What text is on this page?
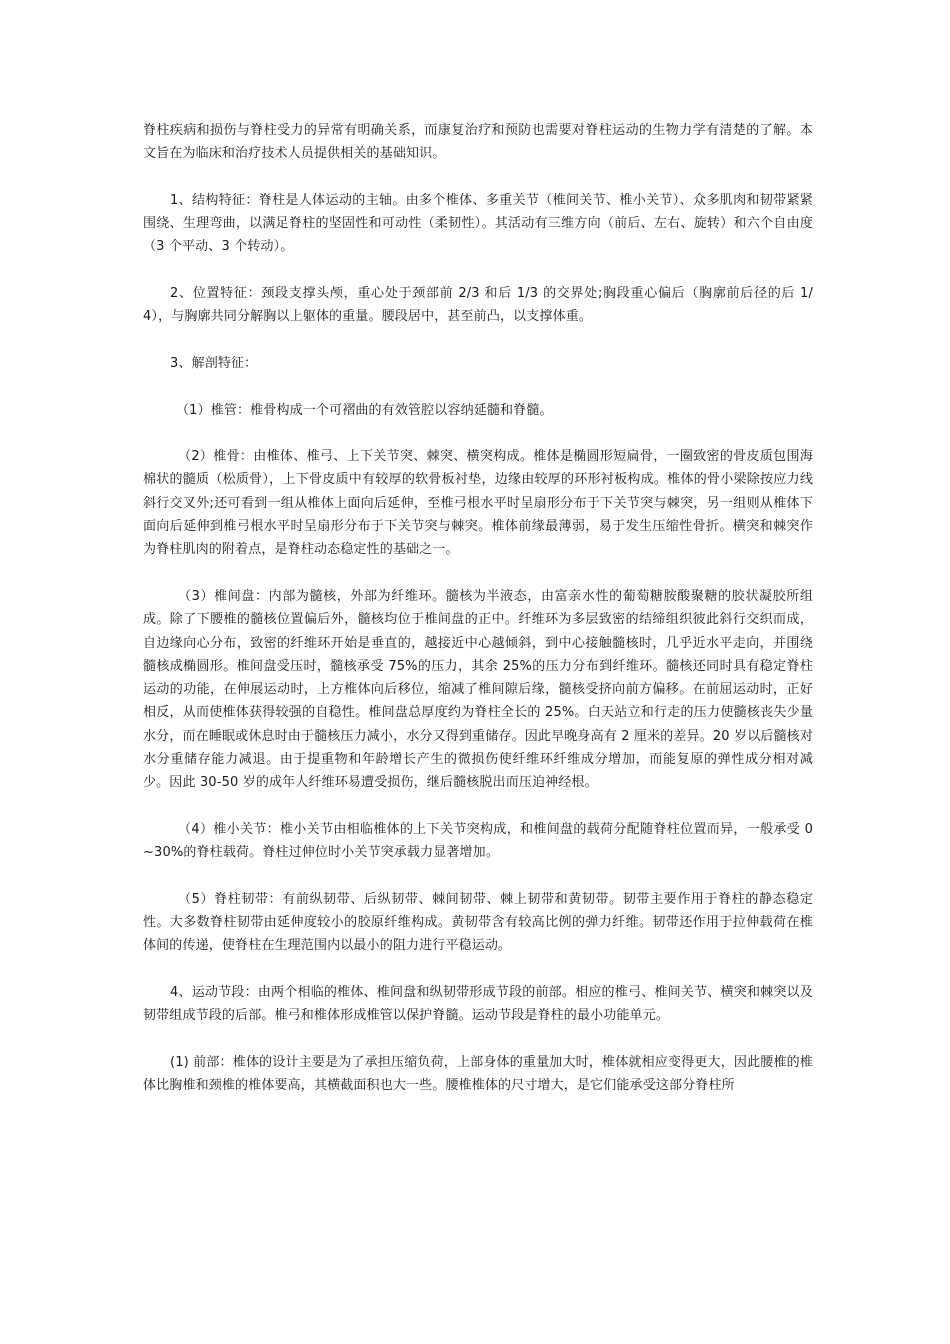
脊柱疾病和损伤与脊柱受力的异常有明确关系，而康复治疗和预防也需要对脊柱运动的生物力学有清楚的了解。本文旨在为临床和治疗技术人员提供相关的基础知识。

1、结构特征：脊柱是人体运动的主轴。由多个椎体、多重关节（椎间关节、椎小关节）、众多肌肉和韧带紧紧围绕、生理弯曲，以满足脊柱的坚固性和可动性（柔韧性）。其活动有三维方向（前后、左右、旋转）和六个自由度（3 个平动、3 个转动）。

2、位置特征：颈段支撑头颅，重心处于颈部前 2/3 和后 1/3 的交界处;胸段重心偏后（胸廓前后径的后 1/4），与胸廓共同分解胸以上躯体的重量。腰段居中，甚至前凸，以支撑体重。

3、解剖特征：

（1）椎管：椎骨构成一个可褶曲的有效管腔以容纳延髓和脊髓。

（2）椎骨：由椎体、椎弓、上下关节突、棘突、横突构成。椎体是椭圆形短扁骨，一圈致密的骨皮质包围海棉状的髓质（松质骨），上下骨皮质中有较厚的软骨板衬垫，边缘由较厚的环形衬板构成。椎体的骨小梁除按应力线斜行交叉外;还可看到一组从椎体上面向后延伸，至椎弓根水平时呈扇形分布于下关节突与棘突，另一组则从椎体下面向后延伸到椎弓根水平时呈扇形分布于下关节突与棘突。椎体前缘最薄弱，易于发生压缩性骨折。横突和棘突作为脊柱肌肉的附着点，是脊柱动态稳定性的基础之一。

（3）椎间盘：内部为髓核，外部为纤维环。髓核为半液态，由富亲水性的葡萄糖胺酸聚糖的胶状凝胶所组成。除了下腰椎的髓核位置偏后外，髓核均位于椎间盘的正中。纤维环为多层致密的结缔组织彼此斜行交织而成，自边缘向心分布，致密的纤维环开始是垂直的，越接近中心越倾斜，到中心接触髓核时，几乎近水平走向，并围绕髓核成椭圆形。椎间盘受压时，髓核承受 75%的压力，其余 25%的压力分布到纤维环。髓核还同时具有稳定脊柱运动的功能，在伸展运动时，上方椎体向后移位，缩减了椎间隙后缘，髓核受挤向前方偏移。在前屈运动时，正好相反，从而使椎体获得较强的自稳性。椎间盘总厚度约为脊柱全长的 25%。白天站立和行走的压力使髓核丧失少量水分，而在睡眠或休息时由于髓核压力减小，水分又得到重储存。因此早晚身高有 2 厘米的差异。20 岁以后髓核对水分重储存能力减退。由于提重物和年龄增长产生的微损伤使纤维环纤维成分增加，而能复原的弹性成分相对减少。因此 30-50 岁的成年人纤维环易遭受损伤，继后髓核脱出而压迫神经根。

（4）椎小关节：椎小关节由相临椎体的上下关节突构成，和椎间盘的载荷分配随脊柱位置而异，一般承受 0~30%的脊柱载荷。脊柱过伸位时小关节突承载力显著增加。

（5）脊柱韧带：有前纵韧带、后纵韧带、棘间韧带、棘上韧带和黄韧带。韧带主要作用于脊柱的静态稳定性。大多数脊柱韧带由延伸度较小的胶原纤维构成。黄韧带含有较高比例的弹力纤维。韧带还作用于拉伸载荷在椎体间的传递，使脊柱在生理范围内以最小的阻力进行平稳运动。

4、运动节段：由两个相临的椎体、椎间盘和纵韧带形成节段的前部。相应的椎弓、椎间关节、横突和棘突以及韧带组成节段的后部。椎弓和椎体形成椎管以保护脊髓。运动节段是脊柱的最小功能单元。

(1) 前部：椎体的设计主要是为了承担压缩负荷，上部身体的重量加大时，椎体就相应变得更大，因此腰椎的椎体比胸椎和颈椎的椎体要高，其横截面积也大一些。腰椎椎体的尺寸增大，是它们能承受这部分脊柱所
